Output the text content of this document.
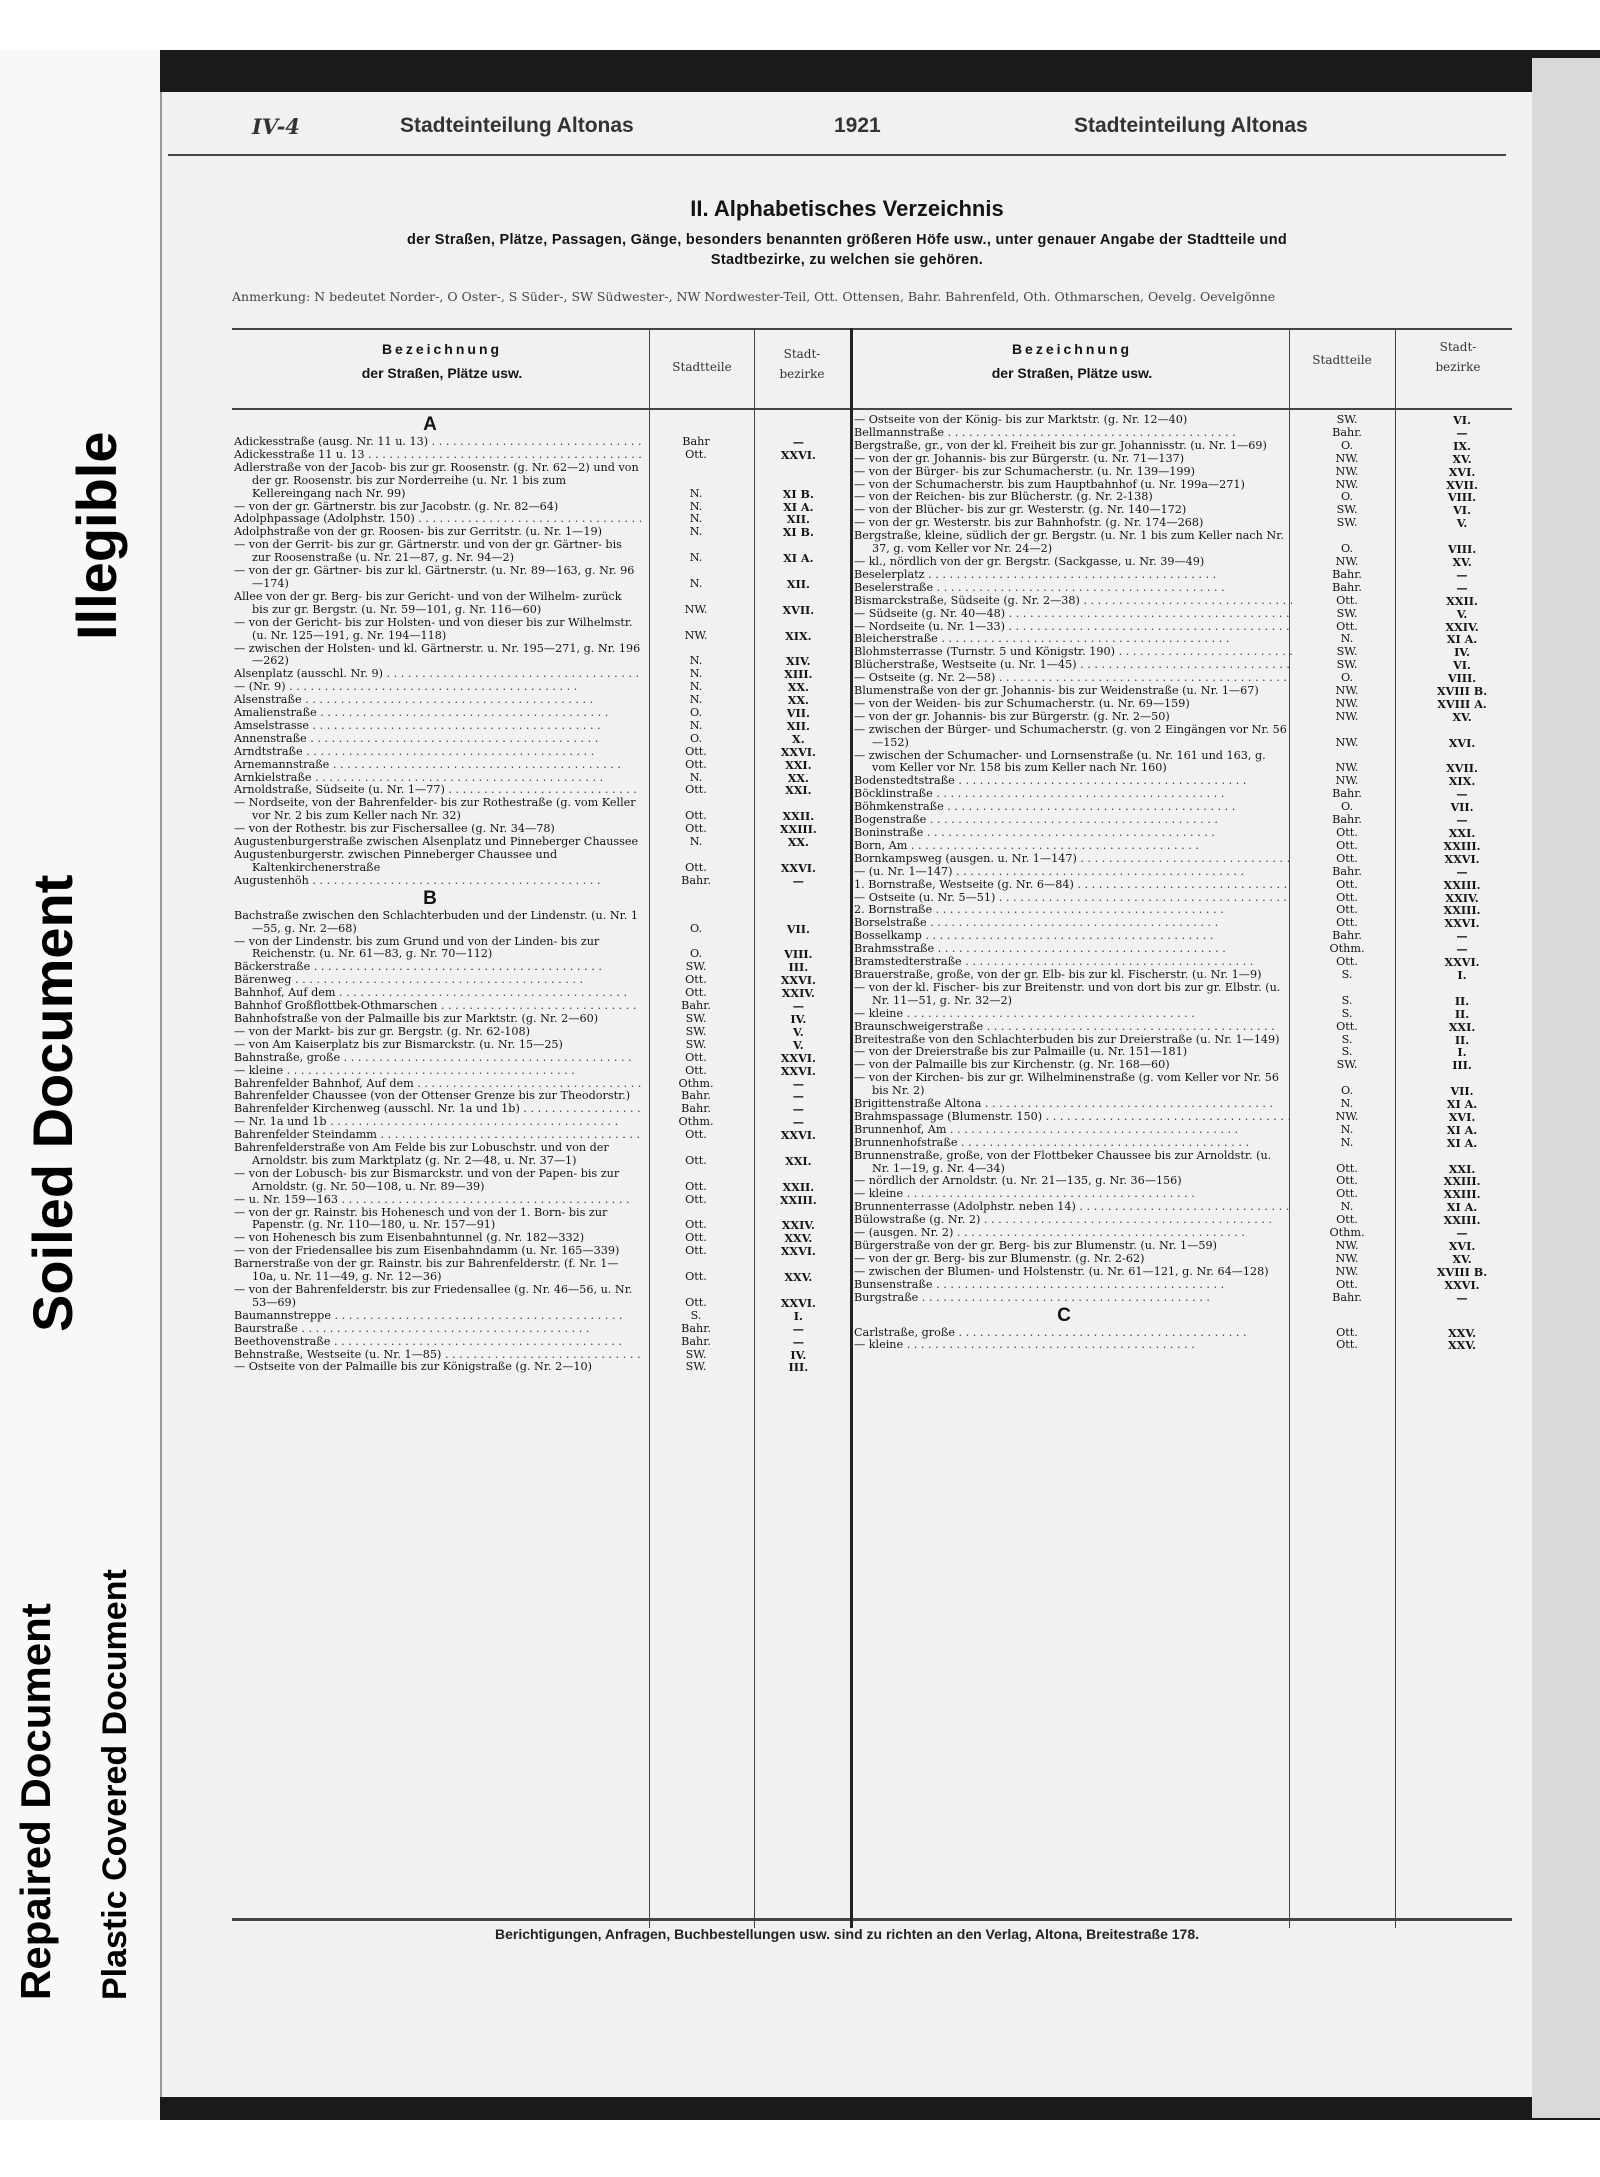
Illegible
Soiled Document
Repaired Document Plastic Covered Document
IV-4	Stadteinteilung Altonas	1921	Stadteinteilung Altonas
II. Alphabetisches Verzeichnis
der Straßen, Plätze, Passagen, Gänge, besonders benannten größeren Höfe usw., unter genauer Angabe der Stadtteile und
Stadtbezirke, zu welchen sie gehören.
Anmerkung: N bedeutet Norder-, O Oster-, S Süder-, SW Südwester-, NW Nordwester-Teil, Ott. Ottensen, Bahr. Bahrenfeld, Oth. Othmarschen, Oevelg. Oevelgönne
Bezeichnung
der Straßen, Plätze usw.	Stadtteile
Stadt-
bezirke
Bezeichnung
der Straßen, Plätze usw.
Stadtteile
Stadt-
bezirke
A
Adickesstraße (ausg. Nr. 11 u. 13) . . .	Bahr	—
Adickesstraße 11 u. 13 . . .	Ott.	XXVI.
Adlerstraße von der Jacob- bis zur gr. Roosenstr. (g. Nr. 62—2) und von der gr. Roosenstr. bis zur Norderreihe (u. Nr. 1 bis zum Kellereingang nach Nr. 99)	N.	XI B.
— von der gr. Gärtnerstr. bis zur Jacobstr. (g. Nr. 82—64)	N.	XI A.
Adolphpassage (Adolphstr. 150) . . .	N.	XII.
Adolphstraße von der gr. Roosen- bis zur Gerritstr. (u. Nr. 1—19)	N.	XI B.
— von der Gerrit- bis zur gr. Gärtnerstr. und von der gr. Gärtner- bis zur Roosenstraße (u. Nr. 21—87, g. Nr. 94—2)	N.	XI A.
— von der gr. Gärtner- bis zur kl. Gärtnerstr. (u. Nr. 89—163, g. Nr. 96—174)	N.	XII.
Allee von der gr. Berg- bis zur Gericht- und von der Wilhelm- zurück bis zur gr. Bergstr. (u. Nr. 59—101, g. Nr. 116—60)	NW.	XVII.
— von der Gericht- bis zur Holsten- und von dieser bis zur Wilhelmstr. (u. Nr. 125—191, g. Nr. 194—118)	NW.	XIX.
— zwischen der Holsten- und kl. Gärtnerstr. u. Nr. 195—271, g. Nr. 196—262)	N.	XIV.
Alsenplatz (ausschl. Nr. 9) . . .	N.	XIII.
— (Nr. 9) . . .	N.	XX.
Alsenstraße . . .	N.	XX.
Amalienstraße . . .	O.	VII.
Amselstrasse . . .	N.	XII.
Annenstraße . . .	O.	X.
Arndtstraße . . .	Ott.	XXVI.
Arnemannstraße . . .	Ott.	XXI.
Arnkielstraße . . .	N.	XX.
Arnoldstraße, Südseite (u. Nr. 1—77) . . .	Ott.	XXI.
— Nordseite, von der Bahrenfelder- bis zur Rothestraße (g. vom Keller vor Nr. 2 bis zum Keller nach Nr. 32)	Ott.	XXII.
— von der Rothestr. bis zur Fischersallee (g. Nr. 34—78)	Ott.	XXIII.
Augustenburgerstraße zwischen Alsenplatz und Pinneberger Chaussee	N.	XX.
Augustenburgerstr. zwischen Pinneberger Chaussee und Kaltenkirchenerstraße	Ott.	XXVI.
Augustenhöh . . .	Bahr.	—
B
Bachstraße zwischen den Schlachterbuden und der Lindenstr. (u. Nr. 1—55, g. Nr. 2—68)	O.	VII.
— von der Lindenstr. bis zum Grund und von der Linden- bis zur Reichenstr. (u. Nr. 61—83, g. Nr. 70—112)	O.	VIII.
Bäckerstraße . . .	SW.	III.
Bärenweg . . .	Ott.	XXVI.
Bahnhof, Auf dem . . .	Ott.	XXIV.
Bahnhof Großflottbek-Othmarschen . . .	Bahr.	—
Bahnhofstraße von der Palmaille bis zur Marktstr. (g. Nr. 2—60)	SW.	IV.
— von der Markt- bis zur gr. Bergstr. (g. Nr. 62-108)	SW.	V.
— von Am Kaiserplatz bis zur Bismarckstr. (u. Nr. 15—25)	SW.	V.
Bahnstraße, große . . .	Ott.	XXVI.
— kleine . . .	Ott.	XXVI.
Bahrenfelder Bahnhof, Auf dem . . .	Othm.	—
Bahrenfelder Chaussee (von der Ottenser Grenze bis zur Theodorstr.)	Bahr.	—
Bahrenfelder Kirchenweg (ausschl. Nr. 1a und 1b) . . .	Bahr.	—
— Nr. 1a und 1b . . .	Othm.	—
Bahrenfelder Steindamm . . .	Ott.	XXVI.
Bahrenfelderstraße von Am Felde bis zur Lobuschstr. und von der Arnoldstr. bis zum Marktplatz (g. Nr. 2—48, u. Nr. 37—1)	Ott.	XXI.
— von der Lobusch- bis zur Bismarckstr. und von der Papen- bis zur Arnoldstr. (g. Nr. 50—108, u. Nr. 89—39)	Ott.	XXII.
— u. Nr. 159—163 . . .	Ott.	XXIII.
— von der gr. Rainstr. bis Hohenesch und von der 1. Born- bis zur Papenstr. (g. Nr. 110—180, u. Nr. 157—91)	Ott.	XXIV.
— von Hohenesch bis zum Eisenbahntunnel (g. Nr. 182—332)	Ott.	XXV.
— von der Friedensallee bis zum Eisenbahndamm (u. Nr. 165—339)	Ott.	XXVI.
Barnerstraße von der gr. Rainstr. bis zur Bahrenfelderstr. (f. Nr. 1—10a, u. Nr. 11—49, g. Nr. 12—36)	Ott.	XXV.
— von der Bahrenfelderstr. bis zur Friedensallee (g. Nr. 46—56, u. Nr. 53—69)	Ott.	XXVI.
Baumannstreppe . . .	S.	I.
Baurstraße . . .	Bahr.	—
Beethovenstraße . . .	Bahr.	—
Behnstraße, Westseite (u. Nr. 1—85) . . .	SW.	IV.
— Ostseite von der Palmaille bis zur Königstraße (g. Nr. 2—10)	SW.	III.
— Ostseite von der König- bis zur Marktstr. (g. Nr. 12—40)	SW.	VI.
Bellmannstraße . . .	Bahr.	—
Bergstraße, gr., von der kl. Freiheit bis zur gr. Johannisstr. (u. Nr. 1—69)	O.	IX.
— von der gr. Johannis- bis zur Bürgerstr. (u. Nr. 71—137)	NW.	XV.
— von der Bürger- bis zur Schumacherstr. (u. Nr. 139—199)	NW.	XVI.
— von der Schumacherstr. bis zum Hauptbahnhof (u. Nr. 199a—271)	NW.	XVII.
— von der Reichen- bis zur Blücherstr. (g. Nr. 2-138)	O.	VIII.
— von der Blücher- bis zur gr. Westerstr. (g. Nr. 140—172)	SW.	VI.
— von der gr. Westerstr. bis zur Bahnhofstr. (g. Nr. 174—268)	SW.	V.
Bergstraße, kleine, südlich der gr. Bergstr. (u. Nr. 1 bis zum Keller nach Nr. 37, g. vom Keller vor Nr. 24—2)	O.	VIII.
— kl., nördlich von der gr. Bergstr. (Sackgasse, u. Nr. 39—49)	NW.	XV.
Beselerplatz . . .	Bahr.	—
Beselerstraße . . .	Bahr.	—
Bismarckstraße, Südseite (g. Nr. 2—38) . . .	Ott.	XXII.
— Südseite (g. Nr. 40—48) . . .	SW.	V.
— Nordseite (u. Nr. 1—33) . . .	Ott.	XXIV.
Bleicherstraße . . .	N.	XI A.
Blohmsterrasse (Turnstr. 5 und Königstr. 190) . . .	SW.	IV.
Blücherstraße, Westseite (u. Nr. 1—45) . . .	SW.	VI.
— Ostseite (g. Nr. 2—58) . . .	O.	VIII.
Blumenstraße von der gr. Johannis- bis zur Weidenstraße (u. Nr. 1—67)	NW.	XVIII B.
— von der Weiden- bis zur Schumacherstr. (u. Nr. 69—159)	NW.	XVIII A.
— von der gr. Johannis- bis zur Bürgerstr. (g. Nr. 2—50)	NW.	XV.
— zwischen der Bürger- und Schumacherstr. (g. von 2 Eingängen vor Nr. 56—152)	NW.	XVI.
— zwischen der Schumacher- und Lornsenstraße (u. Nr. 161 und 163, g. vom Keller vor Nr. 158 bis zum Keller nach Nr. 160)	NW.	XVII.
Bodenstedtstraße . . .	NW.	XIX.
Böcklinstraße . . .	Bahr.	—
Böhmkenstraße . . .	O.	VII.
Bogenstraße . . .	Bahr.	—
Boninstraße . . .	Ott.	XXI.
Born, Am . . .	Ott.	XXIII.
Bornkampsweg (ausgen. u. Nr. 1—147) . . .	Ott.	XXVI.
— (u. Nr. 1—147) . . .	Bahr.	—
1. Bornstraße, Westseite (g. Nr. 6—84) . . .	Ott.	XXIII.
— Ostseite (u. Nr. 5—51) . . .	Ott.	XXIV.
2. Bornstraße . . .	Ott.	XXIII.
Borselstraße . . .	Ott.	XXVI.
Bosselkamp . . .	Bahr.	—
Brahmsstraße . . .	Othm.	—
Bramstedterstraße . . .	Ott.	XXVI.
Brauerstraße, große, von der gr. Elb- bis zur kl. Fischerstr. (u. Nr. 1—9)	S.	I.
— von der kl. Fischer- bis zur Breitenstr. und von dort bis zur gr. Elbstr. (u. Nr. 11—51, g. Nr. 32—2)	S.	II.
— kleine . . .	S.	II.
Braunschweigerstraße . . .	Ott.	XXI.
Breitestraße von den Schlachterbuden bis zur Dreierstraße (u. Nr. 1—149)	S.	II.
— von der Dreierstraße bis zur Palmaille (u. Nr. 151—181)	S.	I.
— von der Palmaille bis zur Kirchenstr. (g. Nr. 168—60)	SW.	III.
— von der Kirchen- bis zur gr. Wilhelminenstraße (g. vom Keller vor Nr. 56 bis Nr. 2)	O.	VII.
Brigittenstraße Altona . . .	N.	XI A.
Brahmspassage (Blumenstr. 150) . . .	NW.	XVI.
Brunnenhof, Am . . .	N.	XI A.
Brunnenhofstraße . . .	N.	XI A.
Brunnenstraße, große, von der Flottbeker Chaussee bis zur Arnoldstr. (u. Nr. 1—19, g. Nr. 4—34)	Ott.	XXI.
— nördlich der Arnoldstr. (u. Nr. 21—135, g. Nr. 36—156)	Ott.	XXIII.
— kleine . . .	Ott.	XXIII.
Brunnenterrasse (Adolphstr. neben 14) . . .	N.	XI A.
Bülowstraße (g. Nr. 2) . . .	Ott.	XXIII.
— (ausgen. Nr. 2) . . .	Othm.	—
Bürgerstraße von der gr. Berg- bis zur Blumenstr. (u. Nr. 1—59)	NW.	XVI.
— von der gr. Berg- bis zur Blumenstr. (g. Nr. 2-62)	NW.	XV.
— zwischen der Blumen- und Holstenstr. (u. Nr. 61—121, g. Nr. 64—128)	NW.	XVIII B.
Bunsenstraße . . .	Ott.	XXVI.
Burgstraße . . .	Bahr.	—
C
Carlstraße, große . . .	Ott.	XXV.
— kleine . . .	Ott.	XXV.
Berichtigungen, Anfragen, Buchbestellungen usw. sind zu richten an den Verlag, Altona, Breitestraße 178.
